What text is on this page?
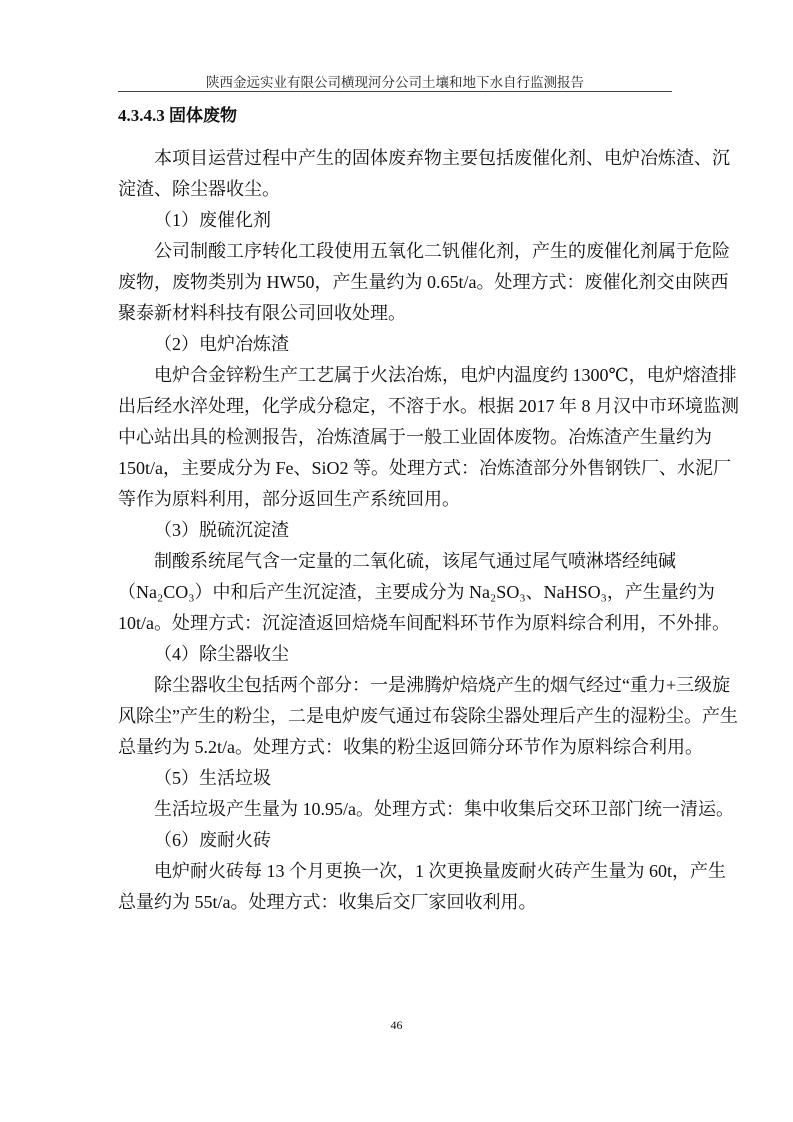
陕西金远实业有限公司横现河分公司土壤和地下水自行监测报告
4.3.4.3 固体废物
本项目运营过程中产生的固体废弃物主要包括废催化剂、电炉冶炼渣、沉
淀渣、除尘器收尘。
（1）废催化剂
公司制酸工序转化工段使用五氧化二钒催化剂，产生的废催化剂属于危险
废物，废物类别为 HW50，产生量约为 0.65t/a。处理方式：废催化剂交由陕西
聚泰新材料科技有限公司回收处理。
（2）电炉冶炼渣
电炉合金锌粉生产工艺属于火法冶炼，电炉内温度约 1300℃，电炉熔渣排
出后经水淬处理，化学成分稳定，不溶于水。根据 2017 年 8 月汉中市环境监测
中心站出具的检测报告，冶炼渣属于一般工业固体废物。冶炼渣产生量约为
150t/a，主要成分为 Fe、SiO2 等。处理方式：冶炼渣部分外售钢铁厂、水泥厂
等作为原料利用，部分返回生产系统回用。
（3）脱硫沉淀渣
制酸系统尾气含一定量的二氧化硫，该尾气通过尾气喷淋塔经纯碱
（Na₂CO₃）中和后产生沉淀渣，主要成分为 Na₂SO₃、NaHSO₃，产生量约为
10t/a。处理方式：沉淀渣返回焙烧车间配料环节作为原料综合利用，不外排。
（4）除尘器收尘
除尘器收尘包括两个部分：一是沸腾炉焙烧产生的烟气经过“重力+三级旋
风除尘”产生的粉尘，二是电炉废气通过布袋除尘器处理后产生的湿粉尘。产生
总量约为 5.2t/a。处理方式：收集的粉尘返回筛分环节作为原料综合利用。
（5）生活垃圾
生活垃圾产生量为 10.95/a。处理方式：集中收集后交环卫部门统一清运。
（6）废耐火砖
电炉耐火砖每 13 个月更换一次，1 次更换量废耐火砖产生量为 60t，产生
总量约为 55t/a。处理方式：收集后交厂家回收利用。
46
